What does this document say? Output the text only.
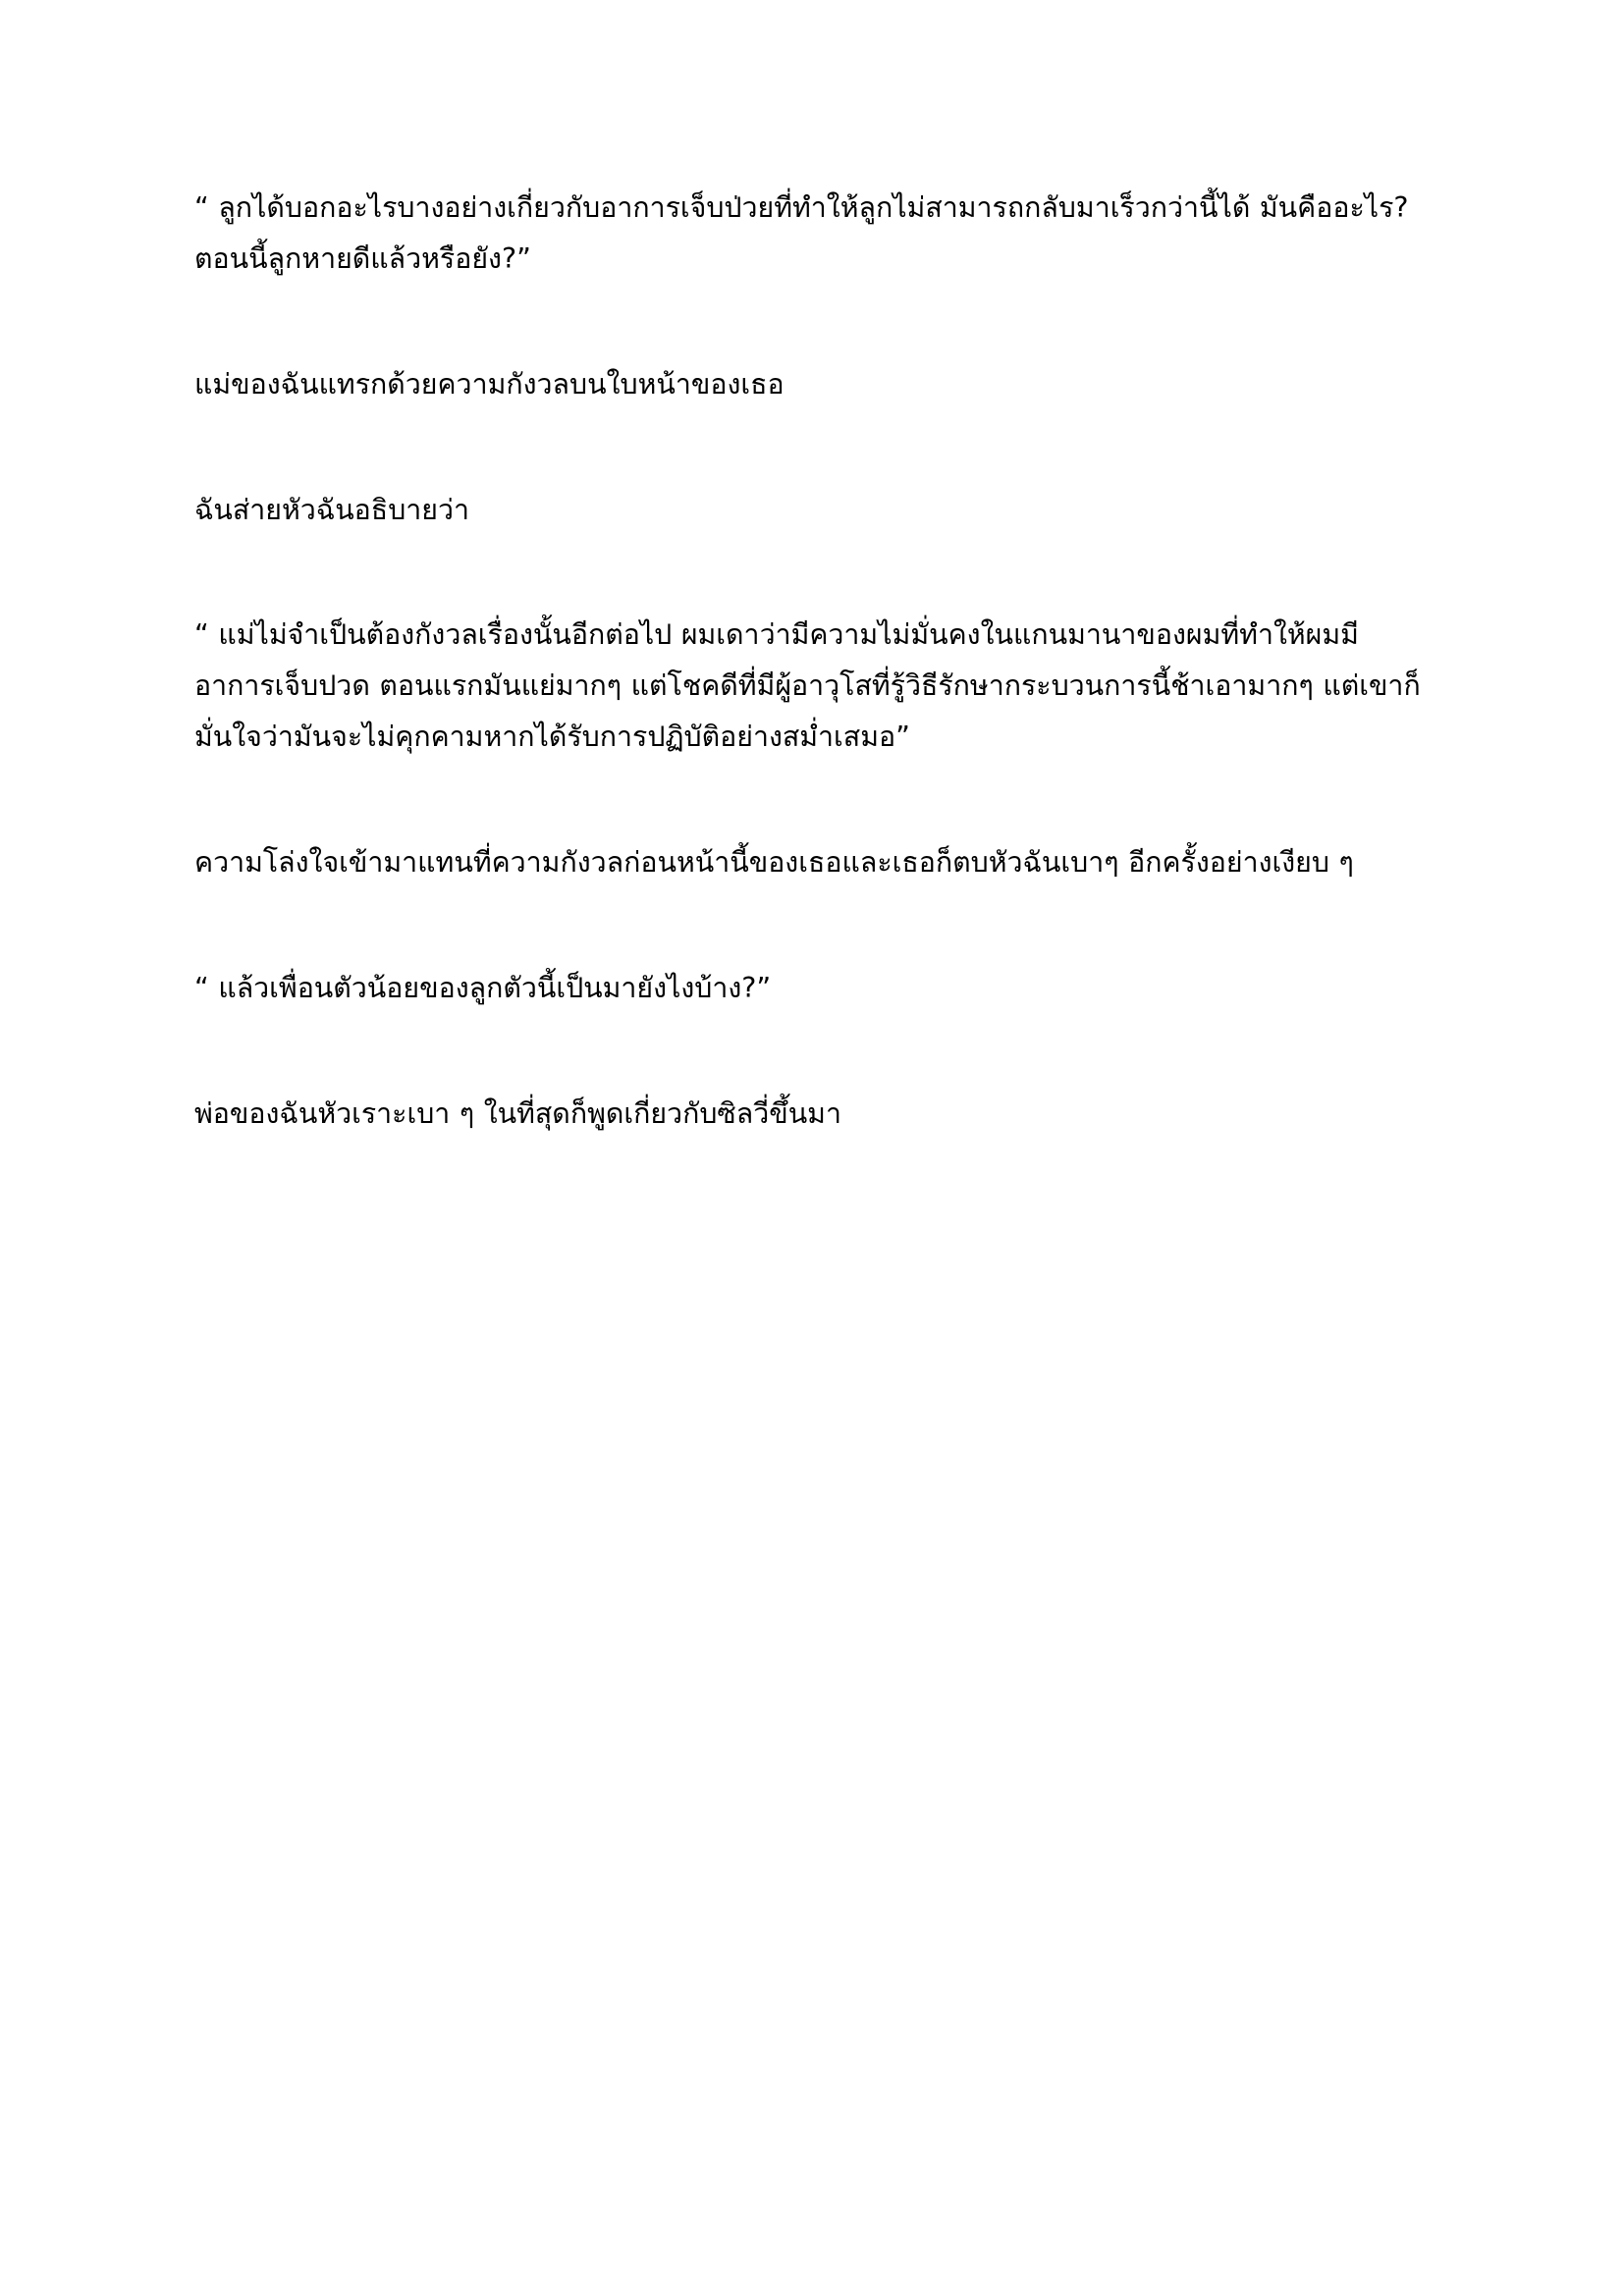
“ ลูกได้บอกอะไรบางอย่างเกี่ยวกับอาการเจ็บป่วยที่ทำให้ลูกไม่สามารถกลับมาเร็วกว่านี้ได้ มันคืออะไร? ตอนนี้ลูกหายดีแล้วหรือยัง?”

แม่ของฉันแทรกด้วยความกังวลบนใบหน้าของเธอ

ฉันส่ายหัวฉันอธิบายว่า

“ แม่ไม่จำเป็นต้องกังวลเรื่องนั้นอีกต่อไป ผมเดาว่ามีความไม่มั่นคงในแกนมานาของผมที่ทำให้ผมมีอาการเจ็บปวด ตอนแรกมันแย่มากๆ แต่โชคดีที่มีผู้อาวุโสที่รู้วิธีรักษากระบวนการนี้ช้าเอามากๆ แต่เขาก็มั่นใจว่ามันจะไม่คุกคามหากได้รับการปฏิบัติอย่างสม่ำเสมอ”

ความโล่งใจเข้ามาแทนที่ความกังวลก่อนหน้านี้ของเธอและเธอก็ตบหัวฉันเบาๆ อีกครั้งอย่างเงียบ ๆ

“ แล้วเพื่อนตัวน้อยของลูกตัวนี้เป็นมายังไงบ้าง?”

พ่อของฉันหัวเราะเบา ๆ ในที่สุดก็พูดเกี่ยวกับซิลวี่ขึ้นมา
